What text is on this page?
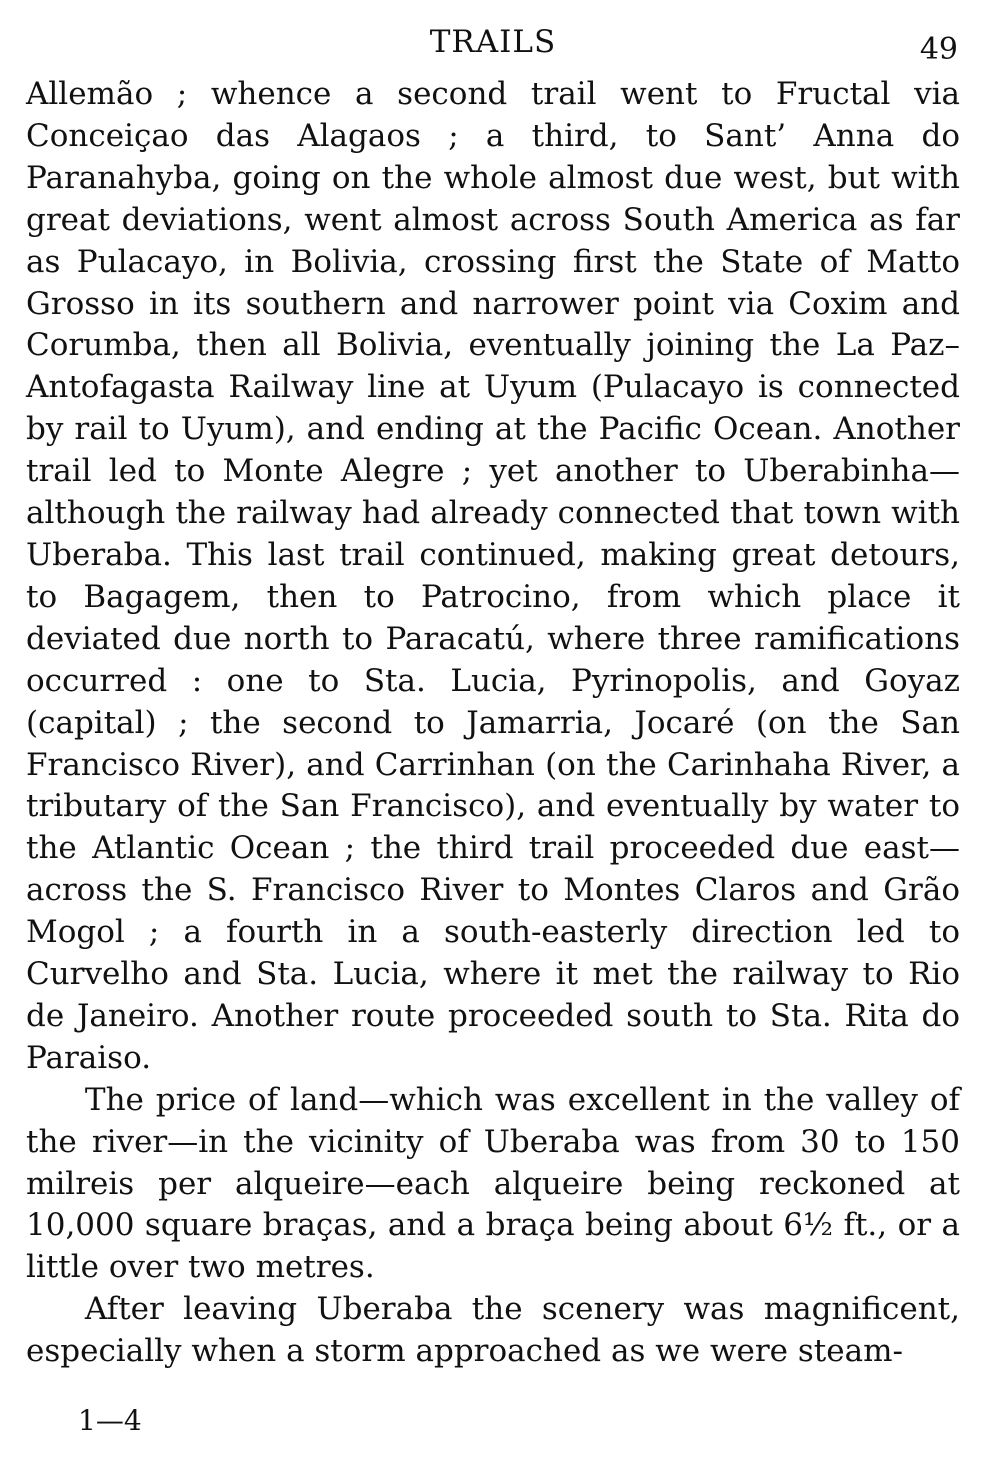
TRAILS	49

Allemão ; whence a second trail went to Fructal via Conceiçao das Alagaos ; a third, to Sant’ Anna do Paranahyba, going on the whole almost due west, but with great deviations, went almost across South America as far as Pulacayo, in Bolivia, crossing first the State of Matto Grosso in its southern and narrower point via Coxim and Corumba, then all Bolivia, eventually joining the La Paz–Antofagasta Railway line at Uyum (Pulacayo is connected by rail to Uyum), and ending at the Pacific Ocean. Another trail led to Monte Alegre ; yet another to Uberabinha—although the railway had already connected that town with Uberaba. This last trail continued, making great detours, to Bagagem, then to Patrocino, from which place it deviated due north to Paracatú, where three ramifications occurred : one to Sta. Lucia, Pyrinopolis, and Goyaz (capital) ; the second to Jamarria, Jocaré (on the San Francisco River), and Carrinhan (on the Carinhaha River, a tributary of the San Francisco), and eventually by water to the Atlantic Ocean ; the third trail proceeded due east—across the S. Francisco River to Montes Claros and Grão Mogol ; a fourth in a south-easterly direction led to Curvelho and Sta. Lucia, where it met the railway to Rio de Janeiro. Another route proceeded south to Sta. Rita do Paraiso.

The price of land—which was excellent in the valley of the river—in the vicinity of Uberaba was from 30 to 150 milreis per alqueire—each alqueire being reckoned at 10,000 square braças, and a braça being about 6½ ft., or a little over two metres.

After leaving Uberaba the scenery was magnificent, especially when a storm approached as we were steam-

1—4
